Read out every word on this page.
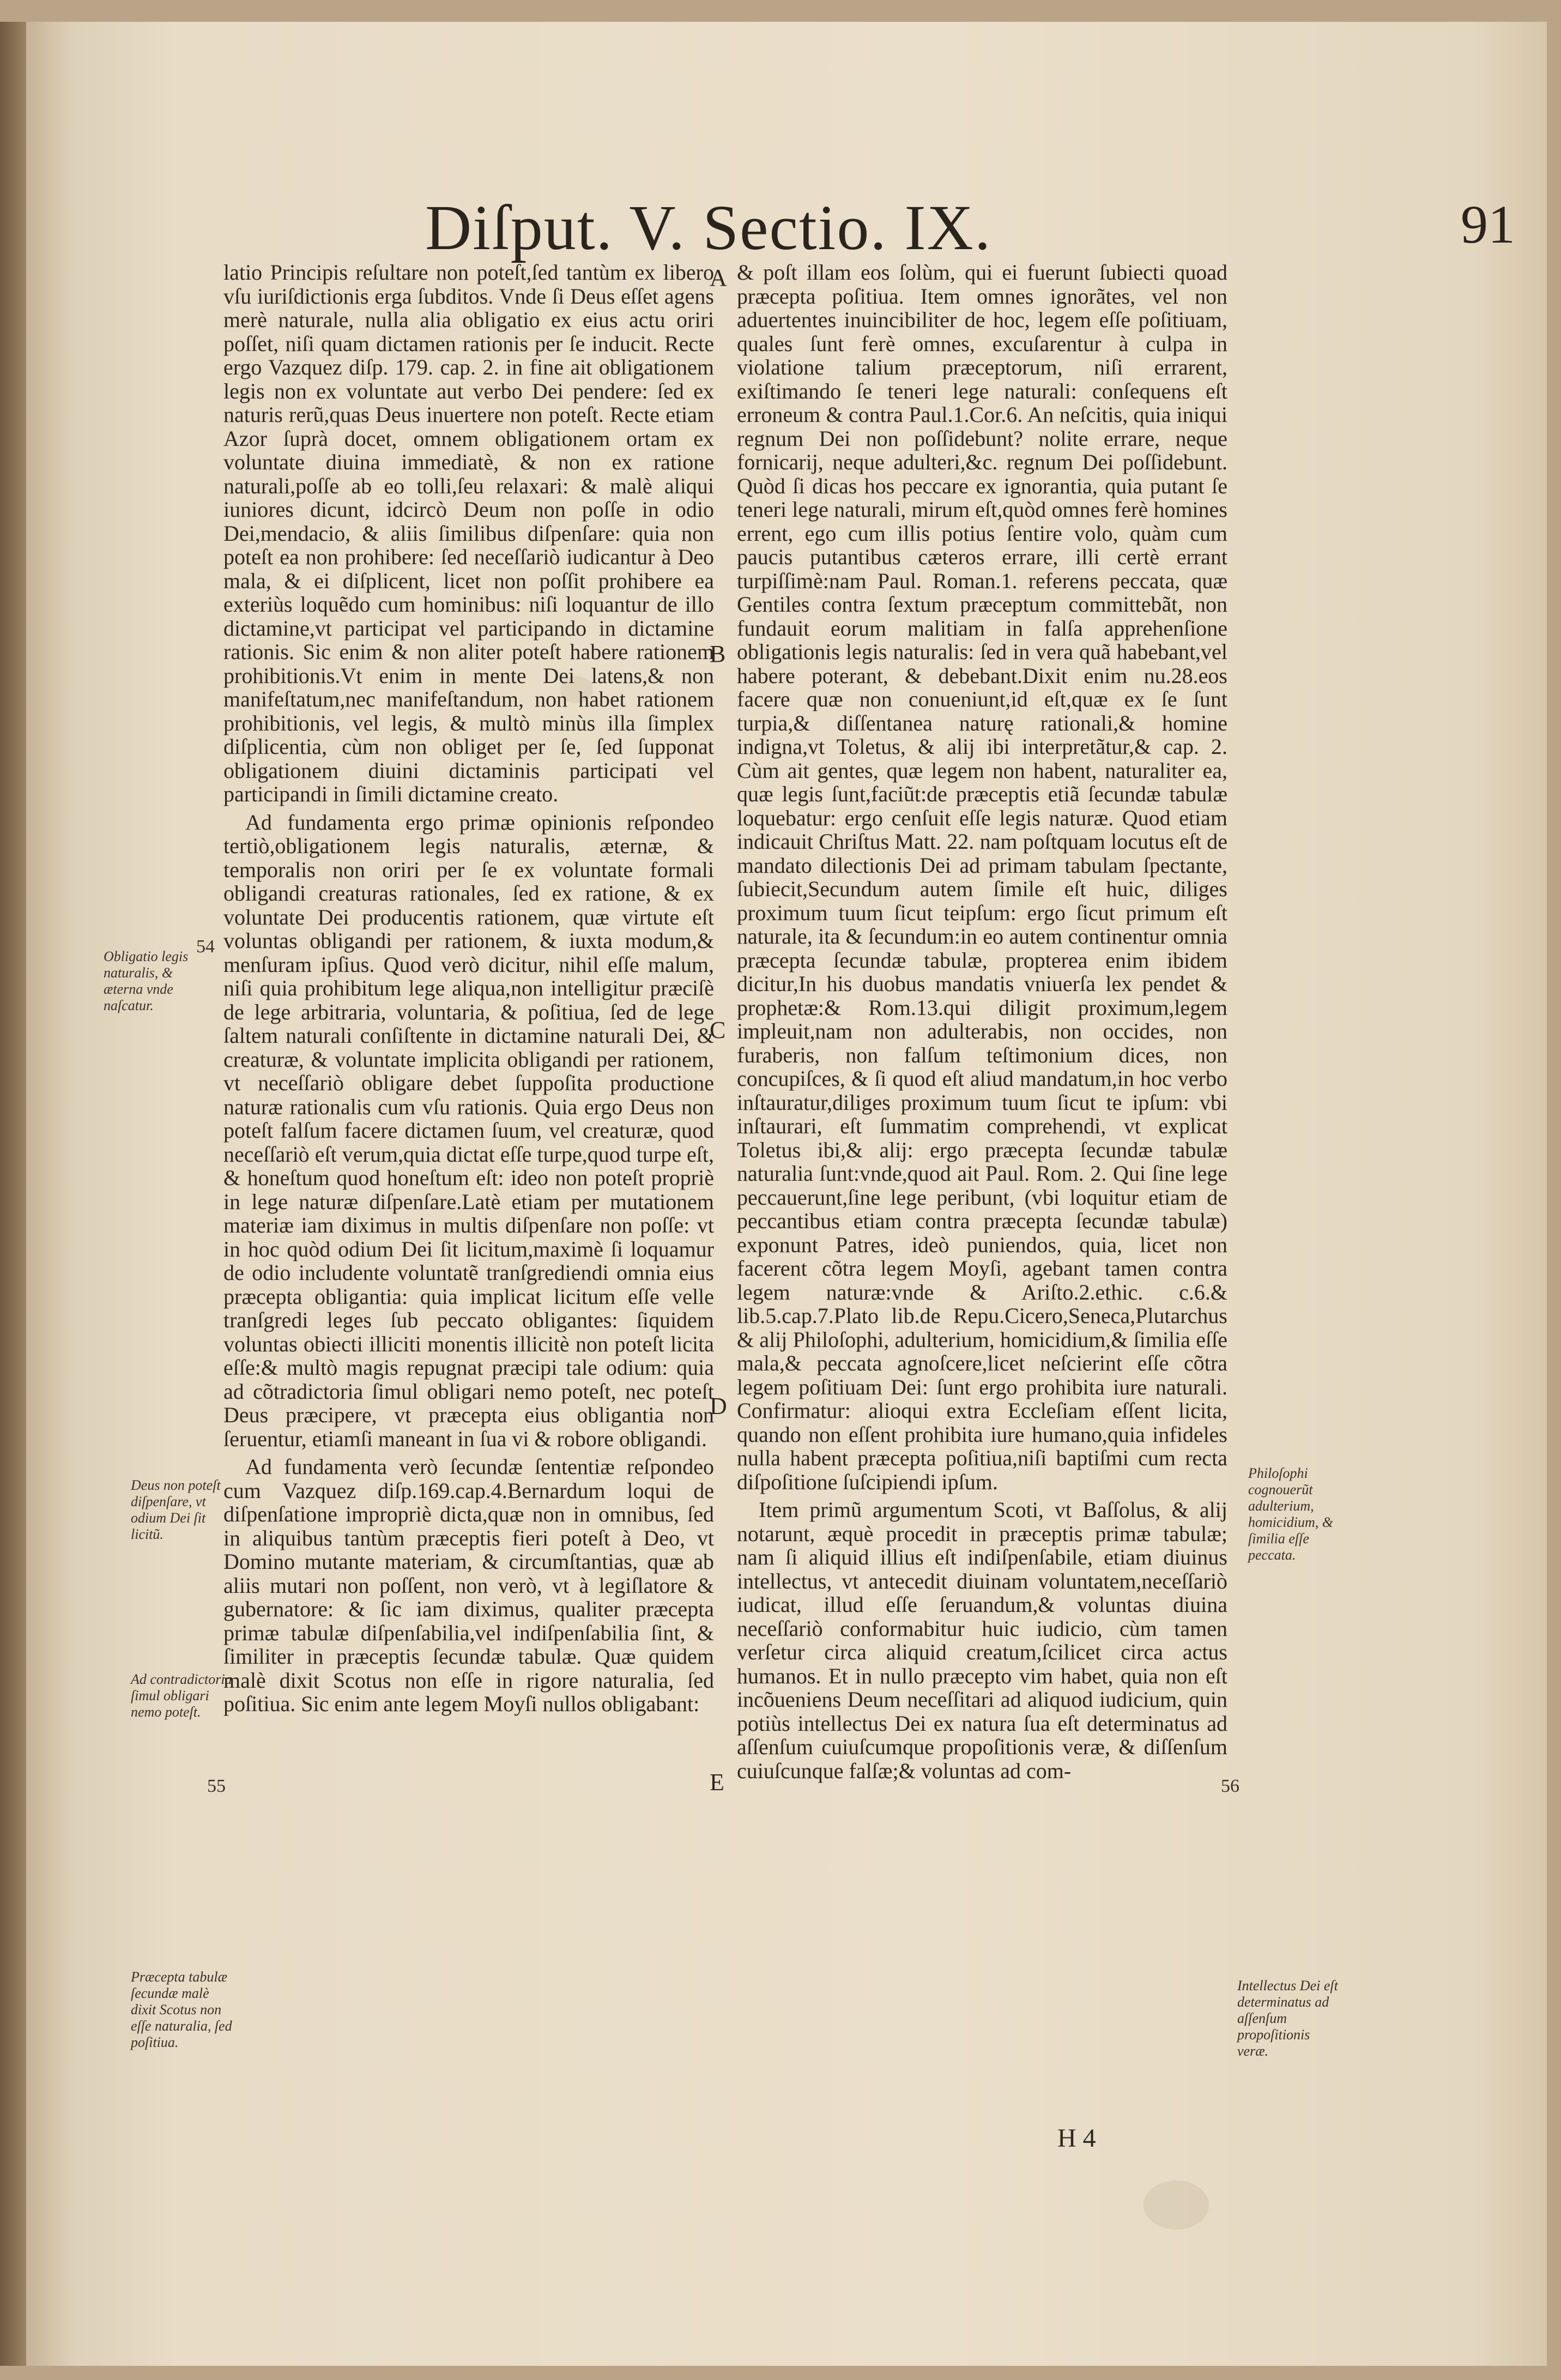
Diſput. V. Sectio. IX.	91

latio Principis reſultare non poteſt,ſed tantùm ex libero vſu iuriſdictionis erga ſubditos. Vnde ſi Deus eſſet agens merè naturale, nulla alia obligatio ex eius actu oriri poſſet, niſi quam dictamen rationis per ſe inducit. Recte ergo Vazquez diſp. 179. cap. 2. in fine ait obligationem legis non ex voluntate aut verbo Dei pendere: ſed ex naturis rerũ,quas Deus inuertere non poteſt. Recte etiam Azor ſuprà docet, omnem obligationem ortam ex voluntate diuina immediatè, & non ex ratione naturali,poſſe ab eo tolli,ſeu relaxari: & malè aliqui iuniores dicunt, idcircò Deum non poſſe in odio Dei,mendacio, & aliis ſimilibus diſpenſare: quia non poteſt ea non prohibere: ſed neceſſariò iudicantur à Deo mala, & ei diſplicent, licet non poſſit prohibere ea exteriùs loquẽdo cum hominibus: niſi loquantur de illo dictamine,vt participat vel participando in dictamine rationis. Sic enim & non aliter poteſt habere rationem prohibitionis.Vt enim in mente Dei latens,& non manifeſtatum,nec manifeſtandum, non habet rationem prohibitionis, vel legis, & multò minùs illa ſimplex diſplicentia, cùm non obliget per ſe, ſed ſupponat obligationem diuini dictaminis participati vel participandi in ſimili dictamine creato.

Ad fundamenta ergo primæ opinionis reſpondeo tertiò,obligationem legis naturalis, æternæ, & temporalis non oriri per ſe ex voluntate formali obligandi creaturas rationales, ſed ex ratione, & ex voluntate Dei producentis rationem, quæ virtute eſt voluntas obligandi per rationem, & iuxta modum,& menſuram ipſius. Quod verò dicitur, nihil eſſe malum, niſi quia prohibitum lege aliqua,non intelligitur præciſè de lege arbitraria, voluntaria, & poſitiua, ſed de lege ſaltem naturali conſiſtente in dictamine naturali Dei, & creaturæ, & voluntate implicita obligandi per rationem, vt neceſſariò obligare debet ſuppoſita productione naturæ rationalis cum vſu rationis. Quia ergo Deus non poteſt falſum facere dictamen ſuum, vel creaturæ, quod neceſſariò eſt verum,quia dictat eſſe turpe,quod turpe eſt, & honeſtum quod honeſtum eſt: ideo non poteſt propriè in lege naturæ diſpenſare.Latè etiam per mutationem materiæ iam diximus in multis diſpenſare non poſſe: vt in hoc quòd odium Dei ſit licitum,maximè ſi loquamur de odio includente voluntatẽ tranſgrediendi omnia eius præcepta obligantia: quia implicat licitum eſſe velle tranſgredi leges ſub peccato obligantes: ſiquidem voluntas obiecti illiciti monentis illicitè non poteſt licita eſſe:& multò magis repugnat præcipi tale odium: quia ad cõtradictoria ſimul obligari nemo poteſt, nec poteſt Deus præcipere, vt præcepta eius obligantia non ſeruentur, etiamſi maneant in ſua vi & robore obligandi.

Ad fundamenta verò ſecundæ ſententiæ reſpondeo cum Vazquez diſp.169.cap.4.Bernardum loqui de diſpenſatione impropriè dicta,quæ non in omnibus, ſed in aliquibus tantùm præceptis fieri poteſt à Deo, vt Domino mutante materiam, & circumſtantias, quæ ab aliis mutari non poſſent, non verò, vt à legiſlatore & gubernatore: & ſic iam diximus, qualiter præcepta primæ tabulæ diſpenſabilia,vel indiſpenſabilia ſint, & ſimiliter in præceptis ſecundæ tabulæ. Quæ quidem malè dixit Scotus non eſſe in rigore naturalia, ſed poſitiua. Sic enim ante legem Moyſi nullos obligabant:

& poſt illam eos ſolùm, qui ei fuerunt ſubiecti quoad præcepta poſitiua. Item omnes ignorãtes, vel non aduertentes inuincibiliter de hoc, legem eſſe poſitiuam, quales ſunt ferè omnes, excuſarentur à culpa in violatione talium præceptorum, niſi errarent, exiſtimando ſe teneri lege naturali: conſequens eſt erroneum & contra Paul.1.Cor.6. An neſcitis, quia iniqui regnum Dei non poſſidebunt? nolite errare, neque fornicarij, neque adulteri,&c. regnum Dei poſſidebunt. Quòd ſi dicas hos peccare ex ignorantia, quia putant ſe teneri lege naturali, mirum eſt,quòd omnes ferè homines errent, ego cum illis potius ſentire volo, quàm cum paucis putantibus cæteros errare, illi certè errant turpiſſimè:nam Paul. Roman.1. referens peccata, quæ Gentiles contra ſextum præceptum committebãt, non fundauit eorum malitiam in falſa apprehenſione obligationis legis naturalis: ſed in vera quã habebant,vel habere poterant, & debebant.Dixit enim nu.28.eos facere quæ non conueniunt,id eſt,quæ ex ſe ſunt turpia,& diſſentanea naturę rationali,& homine indigna,vt Toletus, & alij ibi interpretãtur,& cap. 2. Cùm ait gentes, quæ legem non habent, naturaliter ea, quæ legis ſunt,faciũt:de præceptis etiã ſecundæ tabulæ loquebatur: ergo cenſuit eſſe legis naturæ. Quod etiam indicauit Chriſtus Matt. 22. nam poſtquam locutus eſt de mandato dilectionis Dei ad primam tabulam ſpectante, ſubiecit,Secundum autem ſimile eſt huic, diliges proximum tuum ſicut teipſum: ergo ſicut primum eſt naturale, ita & ſecundum:in eo autem continentur omnia præcepta ſecundæ tabulæ, propterea enim ibidem dicitur,In his duobus mandatis vniuerſa lex pendet & prophetæ:& Rom.13.qui diligit proximum,legem impleuit,nam non adulterabis, non occides, non furaberis, non falſum teſtimonium dices, non concupiſces, & ſi quod eſt aliud mandatum,in hoc verbo inſtauratur,diliges proximum tuum ſicut te ipſum: vbi inſtaurari, eſt ſummatim comprehendi, vt explicat Toletus ibi,& alij: ergo præcepta ſecundæ tabulæ naturalia ſunt:vnde,quod ait Paul. Rom. 2. Qui ſine lege peccauerunt,ſine lege peribunt, (vbi loquitur etiam de peccantibus etiam contra præcepta ſecundæ tabulæ) exponunt Patres, ideò puniendos, quia, licet non facerent cõtra legem Moyſi, agebant tamen contra legem naturæ:vnde & Ariſto.2.ethic. c.6.& lib.5.cap.7.Plato lib.de Repu.Cicero,Seneca,Plutarchus & alij Philoſophi, adulterium, homicidium,& ſimilia eſſe mala,& peccata agnoſcere,licet neſcierint eſſe cõtra legem poſitiuam Dei: ſunt ergo prohibita iure naturali. Confirmatur: alioqui extra Eccleſiam eſſent licita, quando non eſſent prohibita iure humano,quia infideles nulla habent præcepta poſitiua,niſi baptiſmi cum recta diſpoſitione ſuſcipiendi ipſum.

Item primũ argumentum Scoti, vt Baſſolus, & alij notarunt, æquè procedit in præceptis primæ tabulæ; nam ſi aliquid illius eſt indiſpenſabile, etiam diuinus intellectus, vt antecedit diuinam voluntatem,neceſſariò iudicat, illud eſſe ſeruandum,& voluntas diuina neceſſariò conformabitur huic iudicio, cùm tamen verſetur circa aliquid creatum,ſcilicet circa actus humanos. Et in nullo præcepto vim habet, quia non eſt incõueniens Deum neceſſitari ad aliquod iudicium, quin potiùs intellectus Dei ex natura ſua eſt determinatus ad aſſenſum cuiuſcumque propoſitionis veræ, & diſſenſum cuiuſcunque falſæ;& voluntas ad com-

A
B
C
D
E
54
55	56
Obligatio legis naturalis, & æterna vnde naſcatur.
Deus non poteſt diſpenſare, vt odium Dei ſit licitũ.
Ad contradictoria ſimul obligari nemo poteſt.
Præcepta tabulæ ſecundæ malè dixit Scotus non eſſe naturalia, ſed poſitiua.
Philoſophi cognouerũt adulterium, homicidium, & ſimilia eſſe peccata.
Intellectus Dei eſt determinatus ad aſſenſum propoſitionis veræ.
H 4
